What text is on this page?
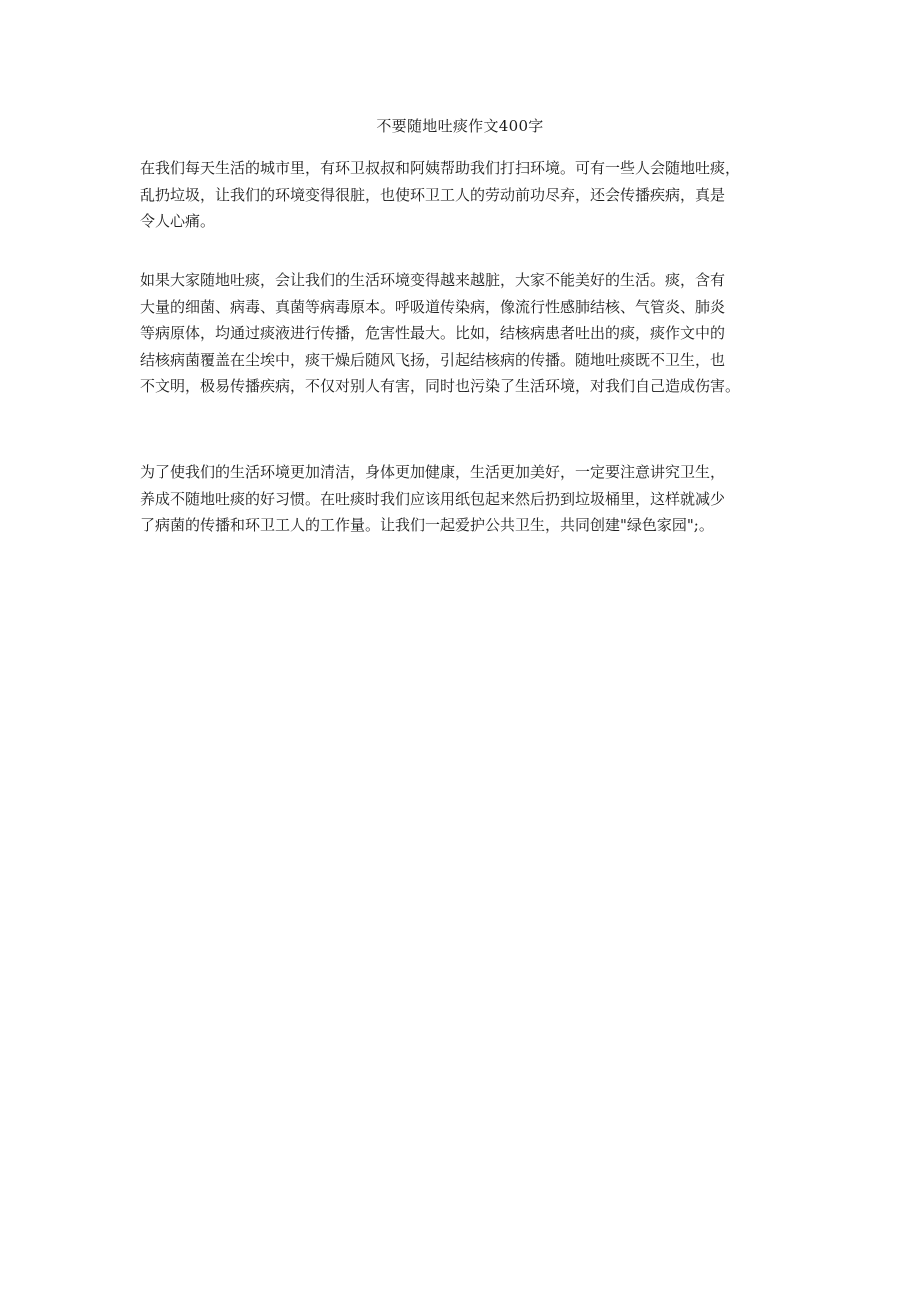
不要随地吐痰作文400字

在我们每天生活的城市里，有环卫叔叔和阿姨帮助我们打扫环境。可有一些人会随地吐痰，
乱扔垃圾，让我们的环境变得很脏，也使环卫工人的劳动前功尽弃，还会传播疾病，真是
令人心痛。

如果大家随地吐痰，会让我们的生活环境变得越来越脏，大家不能美好的生活。痰，含有
大量的细菌、病毒、真菌等病毒原本。呼吸道传染病，像流行性感肺结核、气管炎、肺炎
等病原体，均通过痰液进行传播，危害性最大。比如，结核病患者吐出的痰，痰作文中的
结核病菌覆盖在尘埃中，痰干燥后随风飞扬，引起结核病的传播。随地吐痰既不卫生，也
不文明，极易传播疾病，不仅对别人有害，同时也污染了生活环境，对我们自己造成伤害。

为了使我们的生活环境更加清洁，身体更加健康，生活更加美好，一定要注意讲究卫生，
养成不随地吐痰的好习惯。在吐痰时我们应该用纸包起来然后扔到垃圾桶里，这样就减少
了病菌的传播和环卫工人的工作量。让我们一起爱护公共卫生，共同创建"绿色家园";。
